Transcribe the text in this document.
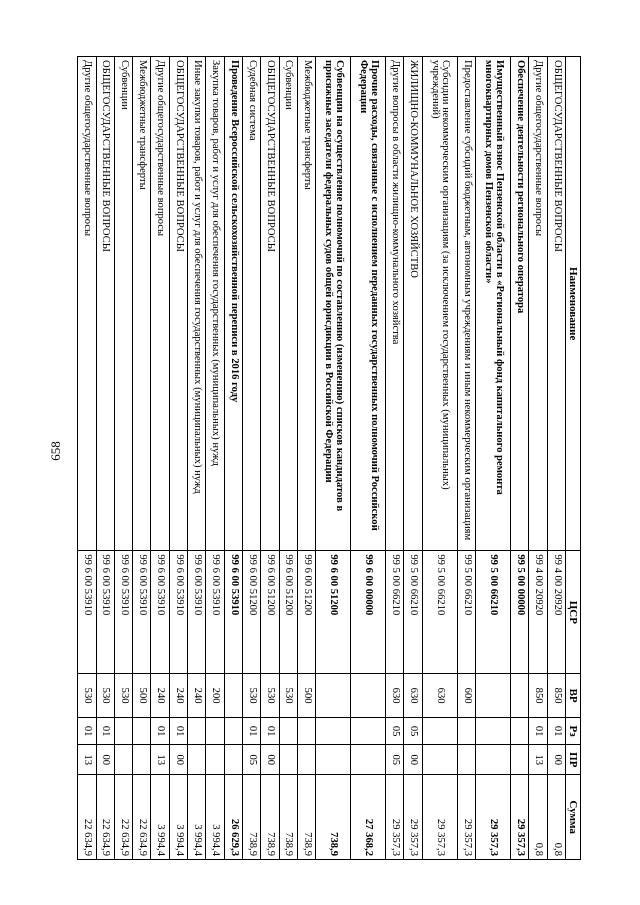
658
Наименование	ЦСР	ВР	Рз	ПР	Сумма
ОБЩЕГОСУДАРСТВЕННЫЕ ВОПРОСЫ	99 4 00 20920	850	01	00	0,8
Другие общегосударственные вопросы	99 4 00 20920	850	01	13	0,8
Обеспечение деятельности регионального оператора	99 5 00 00000				29 357,3
Имущественный взнос Пензенской области в «Региональный фонд капитального ремонта многоквартирных домов Пензенской области»	99 5 00 66210				29 357,3
Предоставление субсидий бюджетным, автономным учреждениям и иным некоммерческим организациям	99 5 00 66210	600			29 357,3
Субсидии некоммерческим организациям (за исключением государственных (муниципальных) учреждений)	99 5 00 66210	630			29 357,3
ЖИЛИЩНО-КОММУНАЛЬНОЕ ХОЗЯЙСТВО	99 5 00 66210	630	05	00	29 357,3
Другие вопросы в области жилищно-коммунального хозяйства	99 5 00 66210	630	05	05	29 357,3
Прочие расходы, связанные с исполнением переданных государственных полномочий Российской Федерации	99 6 00 00000				27 368,2
Субвенции на осуществление полномочий по составлению (изменению) списков кандидатов в присяжные заседатели федеральных судов общей юрисдикции в Российской Федерации	99 6 00 51200				738,9
Межбюджетные трансферты	99 6 00 51200	500			738,9
Субвенции	99 6 00 51200	530			738,9
ОБЩЕГОСУДАРСТВЕННЫЕ ВОПРОСЫ	99 6 00 51200	530	01	00	738,9
Судебная система	99 6 00 51200	530	01	05	738,9
Проведение Всероссийской сельскохозяйственной переписи в 2016 году	99 6 00 53910				26 629,3
Закупка товаров, работ и услуг для обеспечения государственных (муниципальных) нужд	99 6 00 53910	200			3 994,4
Иные закупки товаров, работ и услуг для обеспечения государственных (муниципальных) нужд	99 6 00 53910	240			3 994,4
ОБЩЕГОСУДАРСТВЕННЫЕ ВОПРОСЫ	99 6 00 53910	240	01	00	3 994,4
Другие общегосударственные вопросы	99 6 00 53910	240	01	13	3 994,4
Межбюджетные трансферты	99 6 00 53910	500			22 634,9
Субвенции	99 6 00 53910	530			22 634,9
ОБЩЕГОСУДАРСТВЕННЫЕ ВОПРОСЫ	99 6 00 53910	530	01	00	22 634,9
Другие общегосударственные вопросы	99 6 00 53910	530	01	13	22 634,9
